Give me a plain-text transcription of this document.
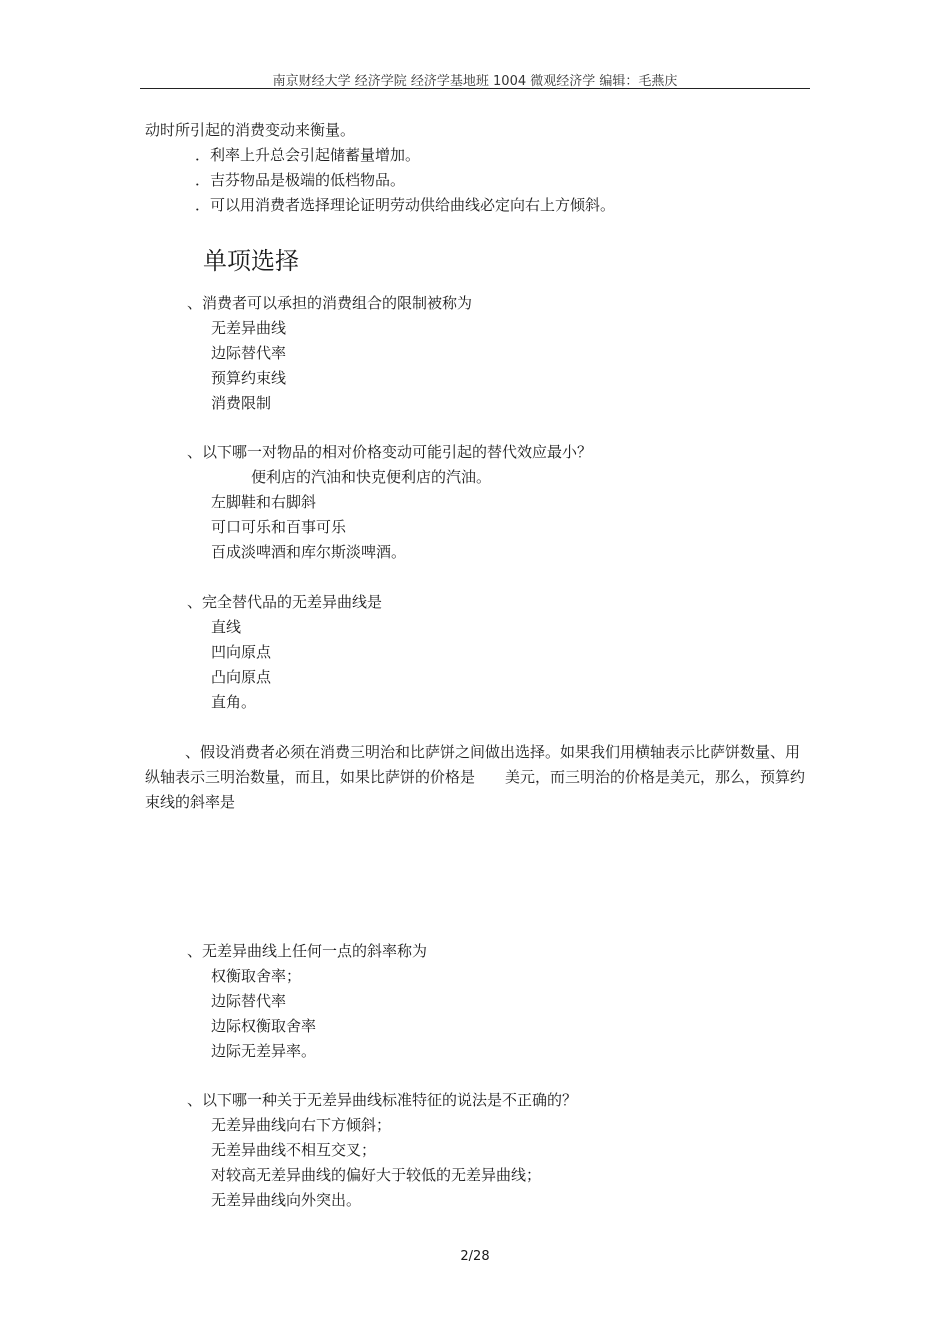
南京财经大学 经济学院 经济学基地班 1004 微观经济学 编辑：毛燕庆
动时所引起的消费变动来衡量。
．利率上升总会引起储蓄量增加。
．吉芬物品是极端的低档物品。
．可以用消费者选择理论证明劳动供给曲线必定向右上方倾斜。
单项选择
、消费者可以承担的消费组合的限制被称为
无差异曲线
边际替代率
预算约束线
消费限制
、以下哪一对物品的相对价格变动可能引起的替代效应最小？
便利店的汽油和快克便利店的汽油。
左脚鞋和右脚斜
可口可乐和百事可乐
百成淡啤酒和库尔斯淡啤酒。
、完全替代品的无差异曲线是
直线
凹向原点
凸向原点
直角。
、假设消费者必须在消费三明治和比萨饼之间做出选择。如果我们用横轴表示比萨饼数量、用纵轴表示三明治数量，而且，如果比萨饼的价格是　　美元，而三明治的价格是美元，那么，预算约束线的斜率是
、无差异曲线上任何一点的斜率称为
权衡取舍率；
边际替代率
边际权衡取舍率
边际无差异率。
、以下哪一种关于无差异曲线标准特征的说法是不正确的？
无差异曲线向右下方倾斜；
无差异曲线不相互交叉；
对较高无差异曲线的偏好大于较低的无差异曲线；
无差异曲线向外突出。
2/28
